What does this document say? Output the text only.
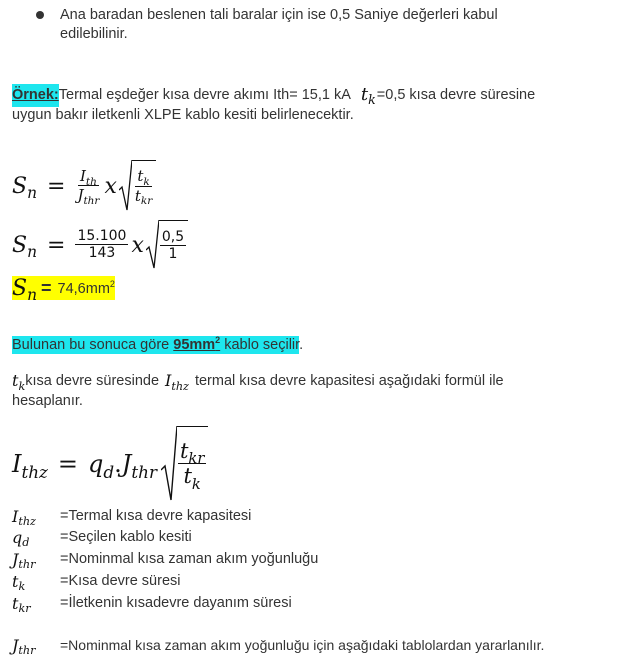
Ana baradan beslenen tali baralar için ise 0,5 Saniye değerleri kabul
edilebilinir.
Örnek: Termal eşdeğer kısa devre akımı Ith= 15,1 kA $t_k =0,5$ kısa devre süresine
uygun bakır iletkenli XLPE kablo kesiti belirlenecektir.
$S_n = \frac{I_{th}}{J_{thr}}$ x $\frac{t_k}{t_{kr}}$
$S_n = \frac{15.100}{143}$ x $\frac{0,5}{1}$
$S_n = 74,6mm^2$
Bulunan bu sonuca göre $95mm^2$ kablo seçilir.
$t_k$ kısa devre süresinde $I_{thz}$ termal kısa devre kapasitesi aşağıdaki formül ile
hesaplanır.
$I_{thz} = q_d$ . $J_{thr} \frac{t_{kr}}{t_k}$
$I_{thz}$	=Termal kısa devre kapasitesi
$q_d$	=Seçilen kablo kesiti
$J_{thr}$	=Nominmal kısa zaman akım yoğunluğu
$t_k$	=Kısa devre süresi
$t_{kr}$	=İletkenin kısadevre dayanım süresi
$J_{thr}$	=Nominmal kısa zaman akım yoğunluğu için aşağıdaki tablolardan yararlanılır.
